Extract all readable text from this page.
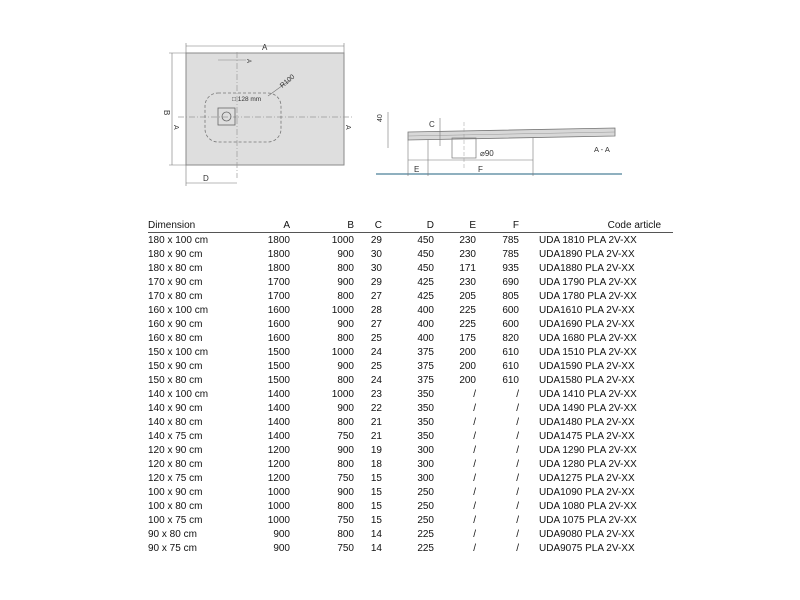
R100
□ 128 mm
A
A
B
A	A
D
⌀90
40
C
E	F
A - A
Dimension	A	B	C	D	E	F	Code article
180 x 100 cm	1800	1000	29	450	230	785	UDA 1810 PLA 2V-XX
180 x 90 cm	1800	900	30	450	230	785	UDA1890 PLA 2V-XX
180 x 80 cm	1800	800	30	450	171	935	UDA1880 PLA 2V-XX
170 x 90 cm	1700	900	29	425	230	690	UDA 1790 PLA 2V-XX
170 x 80 cm	1700	800	27	425	205	805	UDA 1780 PLA 2V-XX
160 x 100 cm	1600	1000	28	400	225	600	UDA1610 PLA 2V-XX
160 x 90 cm	1600	900	27	400	225	600	UDA1690 PLA 2V-XX
160 x 80 cm	1600	800	25	400	175	820	UDA 1680 PLA 2V-XX
150 x 100 cm	1500	1000	24	375	200	610	UDA 1510 PLA 2V-XX
150 x 90 cm	1500	900	25	375	200	610	UDA1590 PLA 2V-XX
150 x 80 cm	1500	800	24	375	200	610	UDA1580 PLA 2V-XX
140 x 100 cm	1400	1000	23	350	/	/	UDA 1410 PLA 2V-XX
140 x 90 cm	1400	900	22	350	/	/	UDA 1490 PLA 2V-XX
140 x 80 cm	1400	800	21	350	/	/	UDA1480 PLA 2V-XX
140 x 75 cm	1400	750	21	350	/	/	UDA1475 PLA 2V-XX
120 x 90 cm	1200	900	19	300	/	/	UDA 1290 PLA 2V-XX
120 x 80 cm	1200	800	18	300	/	/	UDA 1280 PLA 2V-XX
120 x 75 cm	1200	750	15	300	/	/	UDA1275 PLA 2V-XX
100 x 90 cm	1000	900	15	250	/	/	UDA1090 PLA 2V-XX
100 x 80 cm	1000	800	15	250	/	/	UDA 1080 PLA 2V-XX
100 x 75 cm	1000	750	15	250	/	/	UDA 1075 PLA 2V-XX
90 x 80 cm	900	800	14	225	/	/	UDA9080 PLA 2V-XX
90 x 75 cm	900	750	14	225	/	/	UDA9075 PLA 2V-XX
